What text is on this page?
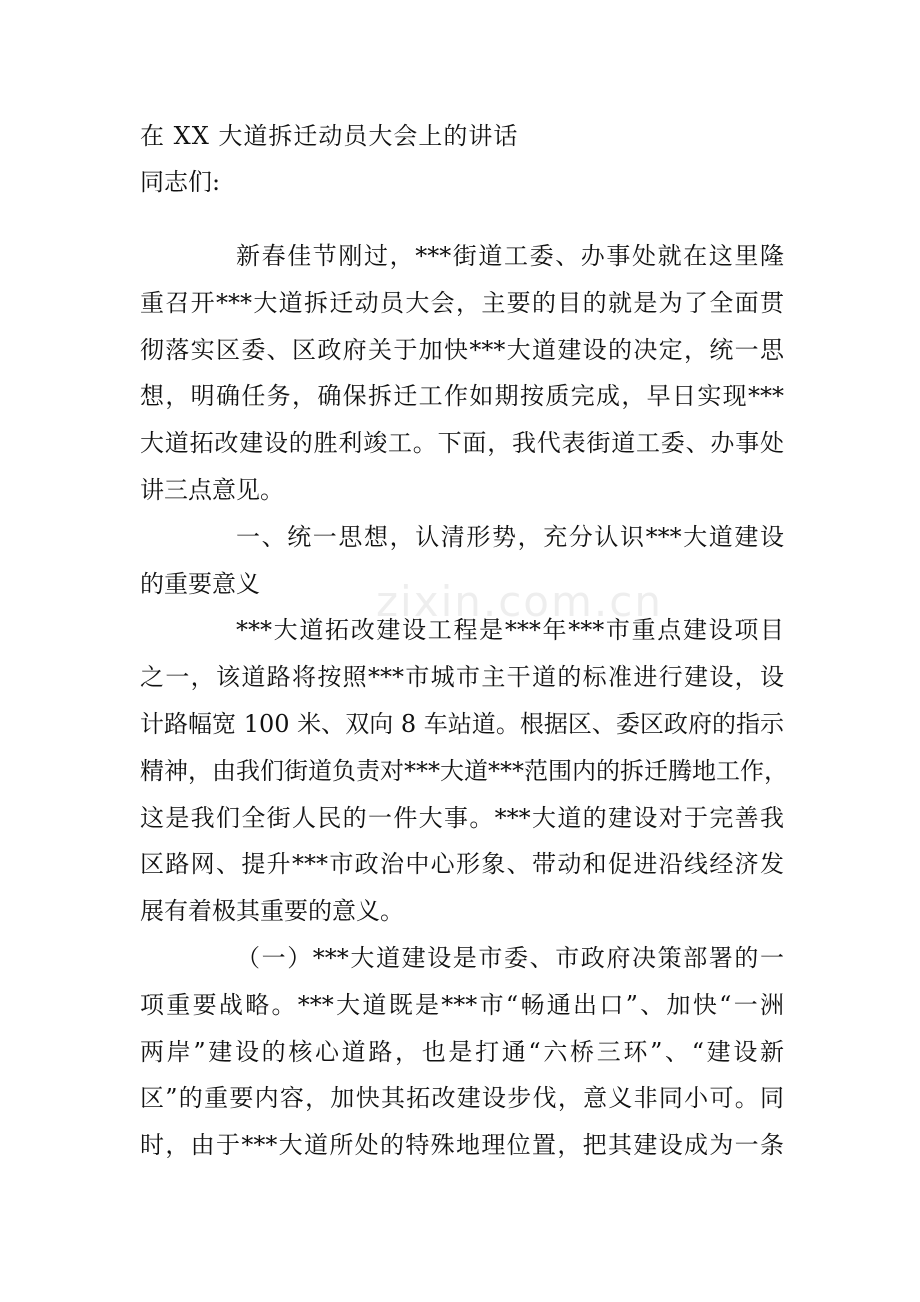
zixin.com.cn
在 XX 大道拆迁动员大会上的讲话
同志们:
新春佳节刚过，***街道工委、办事处就在这里隆
重召开***大道拆迁动员大会，主要的目的就是为了全面贯
彻落实区委、区政府关于加快***大道建设的决定，统一思
想，明确任务，确保拆迁工作如期按质完成，早日实现***
大道拓改建设的胜利竣工。下面，我代表街道工委、办事处
讲三点意见。
一、统一思想，认清形势，充分认识***大道建设
的重要意义
***大道拓改建设工程是***年***市重点建设项目
之一，该道路将按照***市城市主干道的标准进行建设，设
计路幅宽 100 米、双向 8 车站道。根据区、委区政府的指示
精神，由我们街道负责对***大道***范围内的拆迁腾地工作，
这是我们全街人民的一件大事。***大道的建设对于完善我
区路网、提升***市政治中心形象、带动和促进沿线经济发
展有着极其重要的意义。
（一）***大道建设是市委、市政府决策部署的一
项重要战略。***大道既是***市“畅通出口”、加快“一洲
两岸”建设的核心道路，也是打通“六桥三环”、“建设新
区”的重要内容，加快其拓改建设步伐，意义非同小可。同
时，由于***大道所处的特殊地理位置，把其建设成为一条
